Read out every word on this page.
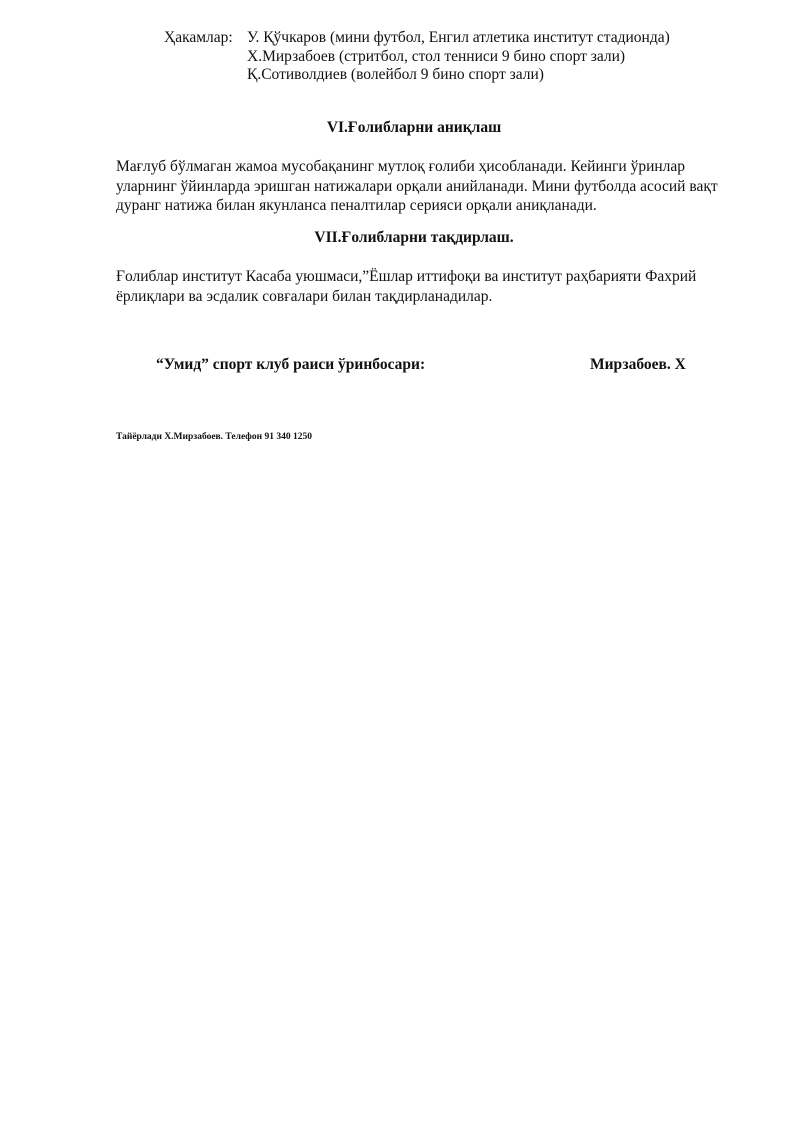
Ҳакамлар: У. Қўчкаров (мини футбол, Енгил атлетика институт стадионда)
Х.Мирзабоев (стритбол, стол тенниси 9 бино спорт зали)
Қ.Сотиволдиев (волейбол 9 бино спорт зали)
VI.Ғолибларни аниқлаш
Мағлуб бўлмаган жамоа мусобақанинг мутлоқ ғолиби ҳисобланади. Кейинги ўринлар
уларнинг ўйинларда эришган натижалари орқали анийланади. Мини футболда асосий вақт
дуранг натижа билан якунланса пеналтилар серияси орқали аниқланади.
VII.Ғолибларни тақдирлаш.
Ғолиблар институт Касаба уюшмаси,”Ёшлар иттифоқи ва институт раҳбарияти Фахрий
ёрлиқлари ва эсдалик совғалари билан тақдирланадилар.
“Умид” спорт клуб раиси ўринбосари:	Мирзабоев. Х
Тайёрлади Х.Мирзабоев. Телефон 91 340 1250
